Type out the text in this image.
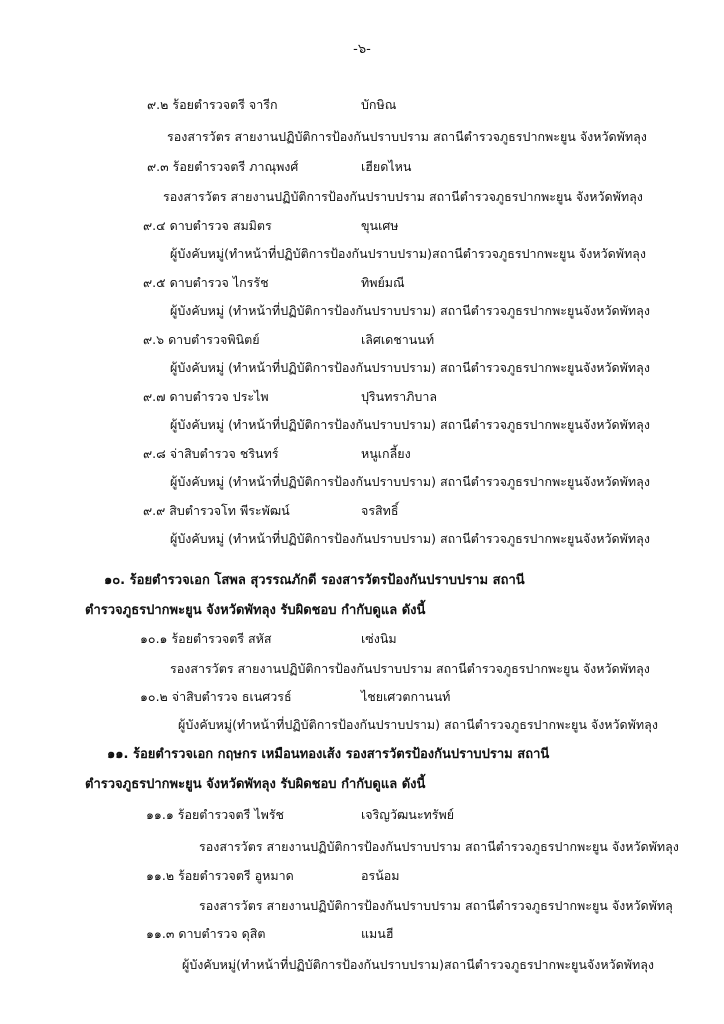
-๖-
๙.๒ ร้อยตำรวจตรี จารีก	บักษิณ
รองสารวัตร สายงานปฏิบัติการป้องกันปราบปราม สถานีตำรวจภูธรปากพะยูน จังหวัดพัทลุง
๙.๓ ร้อยตำรวจตรี ภาณุพงศ์	เฮียดไหน
รองสารวัตร สายงานปฏิบัติการป้องกันปราบปราม สถานีตำรวจภูธรปากพะยูน จังหวัดพัทลุง
๙.๔ ดาบตำรวจ สมมิตร	ขุนเศษ
ผู้บังคับหมู่(ทำหน้าที่ปฏิบัติการป้องกันปราบปราม)สถานีตำรวจภูธรปากพะยูน จังหวัดพัทลุง
๙.๕ ดาบตำรวจ ไกรรัช	ทิพย์มณี
ผู้บังคับหมู่ (ทำหน้าที่ปฏิบัติการป้องกันปราบปราม) สถานีตำรวจภูธรปากพะยูนจังหวัดพัทลุง
๙.๖ ดาบตำรวจพินิตย์	เลิศเดชานนท์
ผู้บังคับหมู่ (ทำหน้าที่ปฏิบัติการป้องกันปราบปราม) สถานีตำรวจภูธรปากพะยูนจังหวัดพัทลุง
๙.๗ ดาบตำรวจ ประไพ	ปุรินทราภิบาล
ผู้บังคับหมู่ (ทำหน้าที่ปฏิบัติการป้องกันปราบปราม) สถานีตำรวจภูธรปากพะยูนจังหวัดพัทลุง
๙.๘ จ่าสิบตำรวจ ชรินทร์	หนูเกลี้ยง
ผู้บังคับหมู่ (ทำหน้าที่ปฏิบัติการป้องกันปราบปราม) สถานีตำรวจภูธรปากพะยูนจังหวัดพัทลุง
๙.๙ สิบตำรวจโท พีระพัฒน์	จรสิทธิ์
ผู้บังคับหมู่ (ทำหน้าที่ปฏิบัติการป้องกันปราบปราม) สถานีตำรวจภูธรปากพะยูนจังหวัดพัทลุง
๑๐. ร้อยตำรวจเอก โสพล สุวรรณภักดี รองสารวัตรป้องกันปราบปราม สถานี
ตำรวจภูธรปากพะยูน จังหวัดพัทลุง รับผิดชอบ กำกับดูแล ดังนี้
๑๐.๑ ร้อยตำรวจตรี สหัส	เซ่งนิม
รองสารวัตร สายงานปฏิบัติการป้องกันปราบปราม สถานีตำรวจภูธรปากพะยูน จังหวัดพัทลุง
๑๐.๒ จ่าสิบตำรวจ ธเนศวรธ์	ไชยเศวตกานนท์
ผู้บังคับหมู่(ทำหน้าที่ปฏิบัติการป้องกันปราบปราม) สถานีตำรวจภูธรปากพะยูน จังหวัดพัทลุง
๑๑. ร้อยตำรวจเอก กฤษกร เหมือนทองเส้ง รองสารวัตรป้องกันปราบปราม สถานี
ตำรวจภูธรปากพะยูน จังหวัดพัทลุง รับผิดชอบ กำกับดูแล ดังนี้
๑๑.๑ ร้อยตำรวจตรี ไพรัช	เจริญวัฒนะทรัพย์
รองสารวัตร สายงานปฏิบัติการป้องกันปราบปราม สถานีตำรวจภูธรปากพะยูน จังหวัดพัทลุง
๑๑.๒ ร้อยตำรวจตรี อูหมาด	อรน้อม
รองสารวัตร สายงานปฏิบัติการป้องกันปราบปราม สถานีตำรวจภูธรปากพะยูน จังหวัดพัทลุ
๑๑.๓ ดาบตำรวจ ดุสิต	แมนฮี
ผู้บังคับหมู่(ทำหน้าที่ปฏิบัติการป้องกันปราบปราม)สถานีตำรวจภูธรปากพะยูนจังหวัดพัทลุง
